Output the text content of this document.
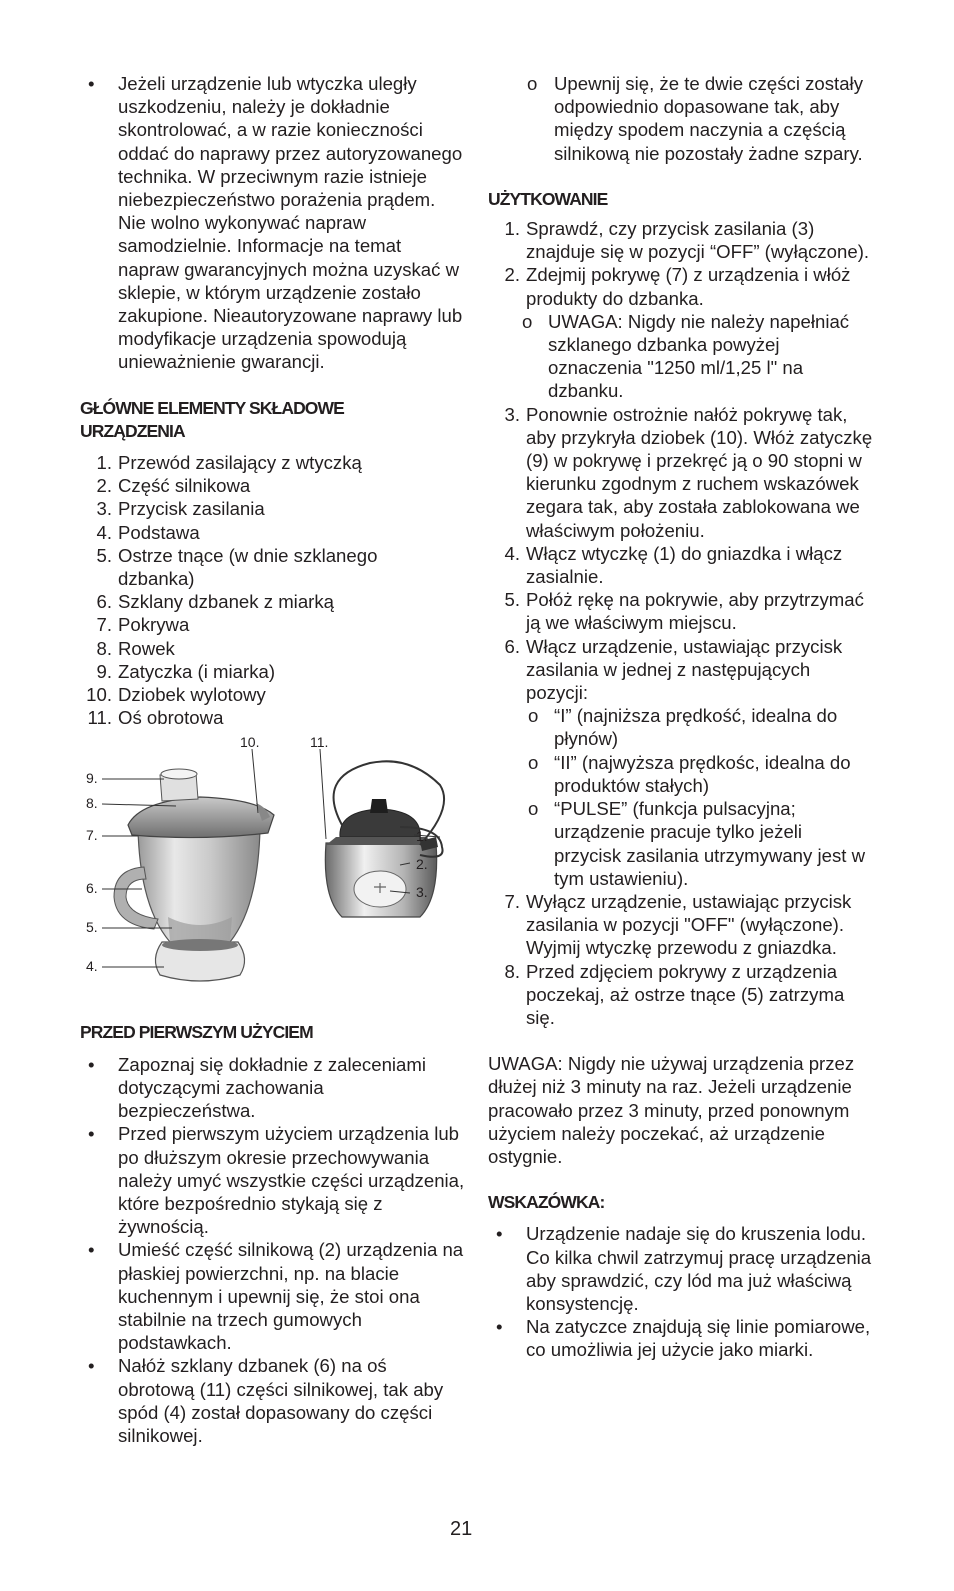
• Jeżeli urządzenie lub wtyczka uległy uszkodzeniu, należy je dokładnie skontrolować, a w razie konieczności oddać do naprawy przez autoryzowanego technika. W przeciwnym razie istnieje niebezpieczeństwo porażenia prądem. Nie wolno wykonywać napraw samodzielnie. Informacje na temat napraw gwarancyjnych można uzyskać w sklepie, w którym urządzenie zostało zakupione. Nieautoryzowane naprawy lub modyfikacje urządzenia spowodują unieważnienie gwarancji.
GŁÓWNE ELEMENTY SKŁADOWE
URZĄDZENIA
1. Przewód zasilający z wtyczką
2. Część silnikowa
3. Przycisk zasilania
4. Podstawa
5. Ostrze tnące (w dnie szklanego dzbanka)
6. Szklany dzbanek z miarką
7. Pokrywa
8. Rowek
9. Zatyczka (i miarka)
10. Dziobek wylotowy
11. Oś obrotowa
9.
8.
7.
6.
5.
4.
10.	11.
1.
2.
3.
PRZED PIERWSZYM UŻYCIEM
• Zapoznaj się dokładnie z zaleceniami dotyczącymi zachowania bezpieczeństwa.
• Przed pierwszym użyciem urządzenia lub po dłuższym okresie przechowywania należy umyć wszystkie części urządzenia, które bezpośrednio stykają się z żywnością.
• Umieść część silnikową (2) urządzenia na płaskiej powierzchni, np. na blacie kuchennym i upewnij się, że stoi ona stabilnie na trzech gumowych podstawkach.
• Nałóż szklany dzbanek (6) na oś obrotową (11) części silnikowej, tak aby spód (4) został dopasowany do części silnikowej.
o Upewnij się, że te dwie części zostały odpowiednio dopasowane tak, aby między spodem naczynia a częścią silnikową nie pozostały żadne szpary.
UŻYTKOWANIE
1. Sprawdź, czy przycisk zasilania (3) znajduje się w pozycji “OFF” (wyłączone).
2. Zdejmij pokrywę (7) z urządzenia i włóż produkty do dzbanka.
o UWAGA: Nigdy nie należy napełniać szklanego dzbanka powyżej oznaczenia "1250 ml/1,25 l" na dzbanku.
3. Ponownie ostrożnie nałóż pokrywę tak, aby przykryła dziobek (10). Włóż zatyczkę (9) w pokrywę i przekręć ją o 90 stopni w kierunku zgodnym z ruchem wskazówek zegara tak, aby została zablokowana we właściwym położeniu.
4. Włącz wtyczkę (1) do gniazdka i włącz zasialnie.
5. Połóż rękę na pokrywie, aby przytrzymać ją we właściwym miejscu.
6. Włącz urządzenie, ustawiając przycisk zasilania w jednej z następujących pozycji:
o “I” (najniższa prędkość, idealna do płynów)
o “II” (najwyższa prędkośc, idealna do produktów stałych)
o “PULSE” (funkcja pulsacyjna; urządzenie pracuje tylko jeżeli przycisk zasilania utrzymywany jest w tym ustawieniu).
7. Wyłącz urządzenie, ustawiając przycisk zasilania w pozycji "OFF" (wyłączone). Wyjmij wtyczkę przewodu z gniazdka.
8. Przed zdjęciem pokrywy z urządzenia poczekaj, aż ostrze tnące (5) zatrzyma się.
UWAGA: Nigdy nie używaj urządzenia przez dłużej niż 3 minuty na raz. Jeżeli urządzenie pracowało przez 3 minuty, przed ponownym użyciem należy poczekać, aż urządzenie ostygnie.
WSKAZÓWKA:
• Urządzenie nadaje się do kruszenia lodu. Co kilka chwil zatrzymuj pracę urządzenia aby sprawdzić, czy lód ma już właściwą konsystencję.
• Na zatyczce znajdują się linie pomiarowe, co umożliwia jej użycie jako miarki.
21
